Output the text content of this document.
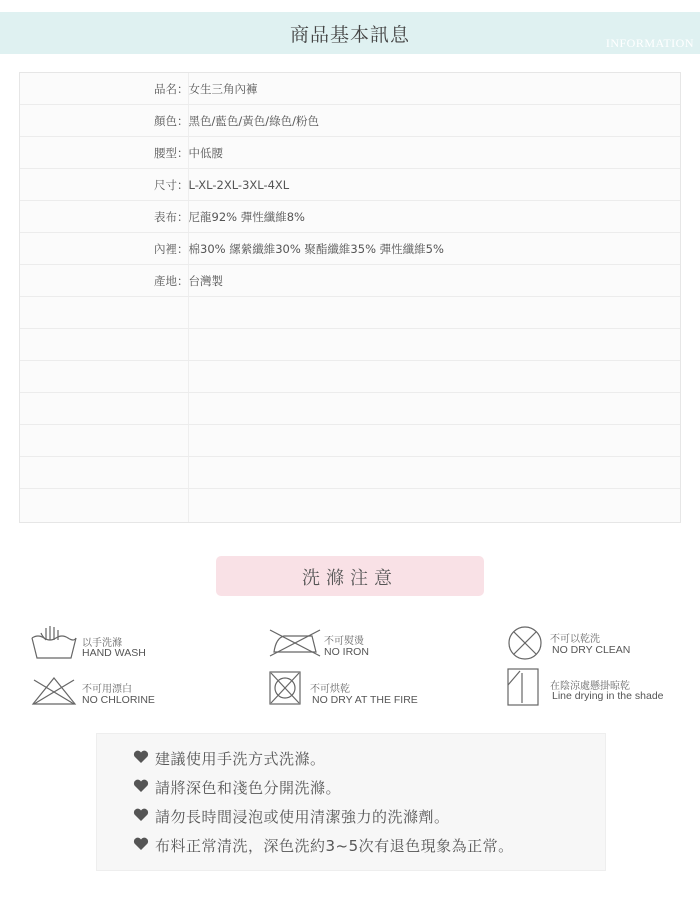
商品基本訊息	INFORMATION
品名：女生三角內褲
顏色：黑色/藍色/黃色/綠色/粉色
腰型：中低腰
尺寸：L-XL-2XL-3XL-4XL
表布：尼龍92% 彈性纖維8%
內裡：棉30% 縲縈纖維30% 聚酯纖維35% 彈性纖維5%
產地：台灣製
洗滌注意
以手洗滌
HAND WASH
不可熨燙
NO IRON
不可以乾洗
NO DRY CLEAN
不可用漂白
NO CHLORINE
不可烘乾
NO DRY AT THE FIRE
在陰涼處懸掛晾乾
Line drying in the shade
建議使用手洗方式洗滌。
請將深色和淺色分開洗滌。
請勿長時間浸泡或使用清潔強力的洗滌劑。
布料正常清洗，深色洗約3~5次有退色現象為正常。
